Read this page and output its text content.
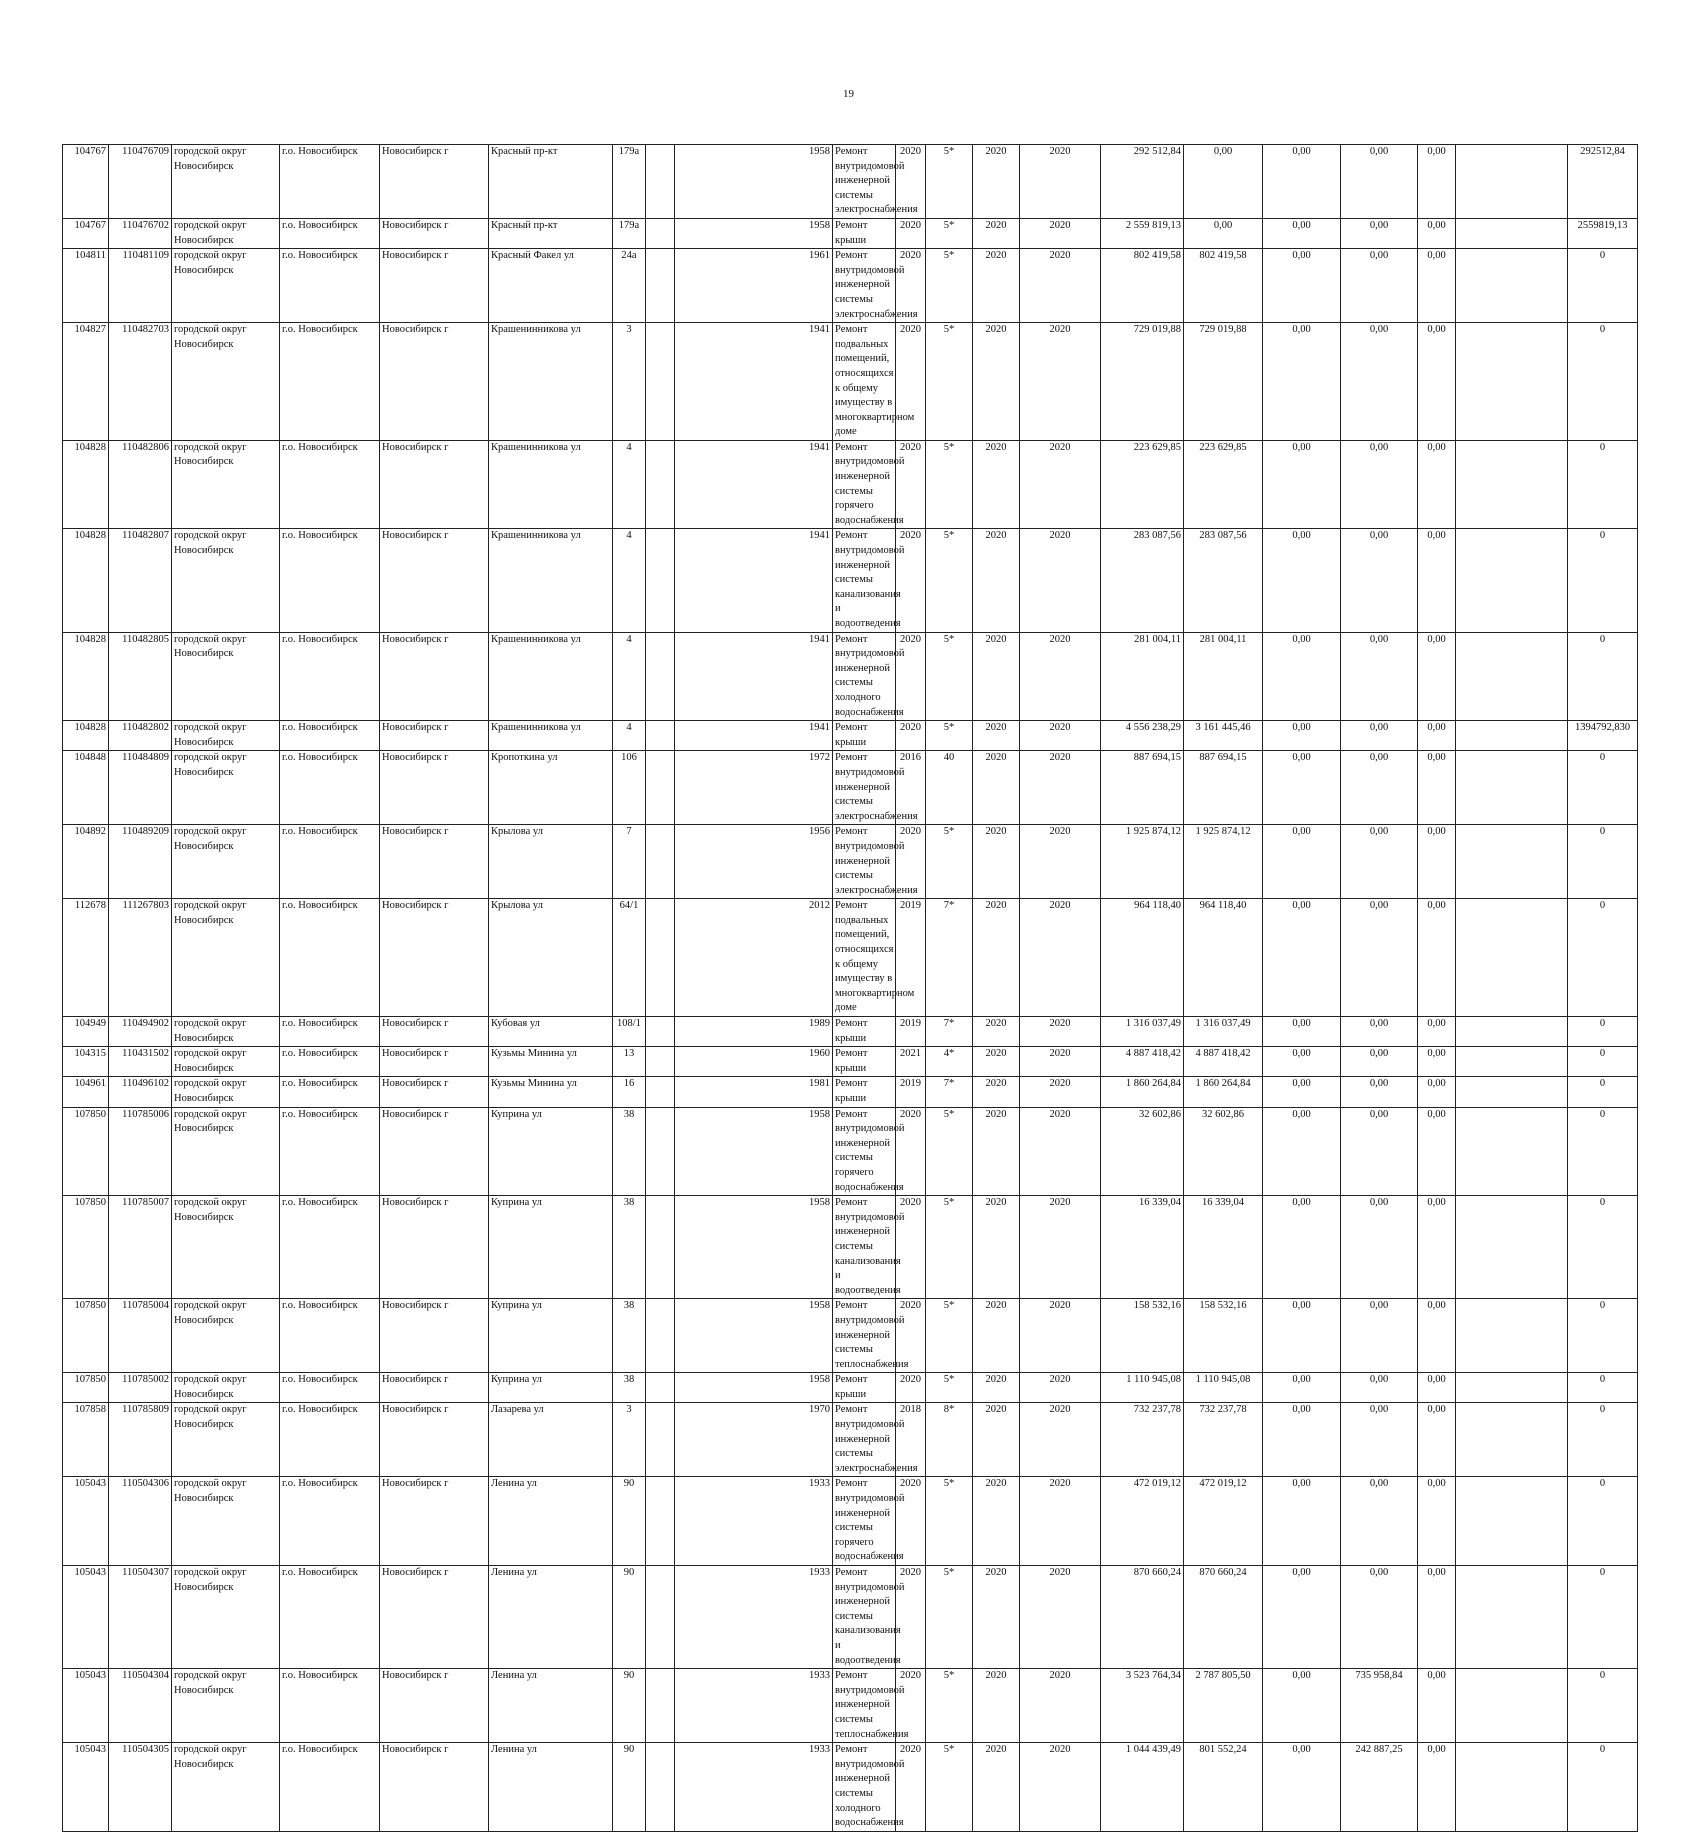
19
104767	110476709	городской округ Новосибирск	г.о. Новосибирск	Новосибирск г	Красный пр-кт	179а		1958	Ремонт внутридомовой инженерной системы электроснабжения	2020	5*	2020	2020	292 512,84	0,00	0,00	0,00	0,00		292512,84
104767	110476702	городской округ Новосибирск	г.о. Новосибирск	Новосибирск г	Красный пр-кт	179а		1958	Ремонт крыши	2020	5*	2020	2020	2 559 819,13	0,00	0,00	0,00	0,00		2559819,13
104811	110481109	городской округ Новосибирск	г.о. Новосибирск	Новосибирск г	Красный Факел ул	24а		1961	Ремонт внутридомовой инженерной системы электроснабжения	2020	5*	2020	2020	802 419,58	802 419,58	0,00	0,00	0,00		0
104827	110482703	городской округ Новосибирск	г.о. Новосибирск	Новосибирск г	Крашенинникова ул	3		1941	Ремонт подвальных помещений, относящихся к общему имуществу в многоквартирном доме	2020	5*	2020	2020	729 019,88	729 019,88	0,00	0,00	0,00		0
104828	110482806	городской округ Новосибирск	г.о. Новосибирск	Новосибирск г	Крашенинникова ул	4		1941	Ремонт внутридомовой инженерной системы горячего водоснабжения	2020	5*	2020	2020	223 629,85	223 629,85	0,00	0,00	0,00		0
104828	110482807	городской округ Новосибирск	г.о. Новосибирск	Новосибирск г	Крашенинникова ул	4		1941	Ремонт внутридомовой инженерной системы канализования и водоотведения	2020	5*	2020	2020	283 087,56	283 087,56	0,00	0,00	0,00		0
104828	110482805	городской округ Новосибирск	г.о. Новосибирск	Новосибирск г	Крашенинникова ул	4		1941	Ремонт внутридомовой инженерной системы холодного водоснабжения	2020	5*	2020	2020	281 004,11	281 004,11	0,00	0,00	0,00		0
104828	110482802	городской округ Новосибирск	г.о. Новосибирск	Новосибирск г	Крашенинникова ул	4		1941	Ремонт крыши	2020	5*	2020	2020	4 556 238,29	3 161 445,46	0,00	0,00	0,00		1394792,830
104848	110484809	городской округ Новосибирск	г.о. Новосибирск	Новосибирск г	Кропоткина ул	106		1972	Ремонт внутридомовой инженерной системы электроснабжения	2016	40	2020	2020	887 694,15	887 694,15	0,00	0,00	0,00		0
104892	110489209	городской округ Новосибирск	г.о. Новосибирск	Новосибирск г	Крылова ул	7		1956	Ремонт внутридомовой инженерной системы электроснабжения	2020	5*	2020	2020	1 925 874,12	1 925 874,12	0,00	0,00	0,00		0
112678	111267803	городской округ Новосибирск	г.о. Новосибирск	Новосибирск г	Крылова ул	64/1		2012	Ремонт подвальных помещений, относящихся к общему имуществу в многоквартирном доме	2019	7*	2020	2020	964 118,40	964 118,40	0,00	0,00	0,00		0
104949	110494902	городской округ Новосибирск	г.о. Новосибирск	Новосибирск г	Кубовая ул	108/1		1989	Ремонт крыши	2019	7*	2020	2020	1 316 037,49	1 316 037,49	0,00	0,00	0,00		0
104315	110431502	городской округ Новосибирск	г.о. Новосибирск	Новосибирск г	Кузьмы Минина ул	13		1960	Ремонт крыши	2021	4*	2020	2020	4 887 418,42	4 887 418,42	0,00	0,00	0,00		0
104961	110496102	городской округ Новосибирск	г.о. Новосибирск	Новосибирск г	Кузьмы Минина ул	16		1981	Ремонт крыши	2019	7*	2020	2020	1 860 264,84	1 860 264,84	0,00	0,00	0,00		0
107850	110785006	городской округ Новосибирск	г.о. Новосибирск	Новосибирск г	Куприна ул	38		1958	Ремонт внутридомовой инженерной системы горячего водоснабжения	2020	5*	2020	2020	32 602,86	32 602,86	0,00	0,00	0,00		0
107850	110785007	городской округ Новосибирск	г.о. Новосибирск	Новосибирск г	Куприна ул	38		1958	Ремонт внутридомовой инженерной системы канализования и водоотведения	2020	5*	2020	2020	16 339,04	16 339,04	0,00	0,00	0,00		0
107850	110785004	городской округ Новосибирск	г.о. Новосибирск	Новосибирск г	Куприна ул	38		1958	Ремонт внутридомовой инженерной системы теплоснабжения	2020	5*	2020	2020	158 532,16	158 532,16	0,00	0,00	0,00		0
107850	110785002	городской округ Новосибирск	г.о. Новосибирск	Новосибирск г	Куприна ул	38		1958	Ремонт крыши	2020	5*	2020	2020	1 110 945,08	1 110 945,08	0,00	0,00	0,00		0
107858	110785809	городской округ Новосибирск	г.о. Новосибирск	Новосибирск г	Лазарева ул	3		1970	Ремонт внутридомовой инженерной системы электроснабжения	2018	8*	2020	2020	732 237,78	732 237,78	0,00	0,00	0,00		0
105043	110504306	городской округ Новосибирск	г.о. Новосибирск	Новосибирск г	Ленина ул	90		1933	Ремонт внутридомовой инженерной системы горячего водоснабжения	2020	5*	2020	2020	472 019,12	472 019,12	0,00	0,00	0,00		0
105043	110504307	городской округ Новосибирск	г.о. Новосибирск	Новосибирск г	Ленина ул	90		1933	Ремонт внутридомовой инженерной системы канализования и водоотведения	2020	5*	2020	2020	870 660,24	870 660,24	0,00	0,00	0,00		0
105043	110504304	городской округ Новосибирск	г.о. Новосибирск	Новосибирск г	Ленина ул	90		1933	Ремонт внутридомовой инженерной системы теплоснабжения	2020	5*	2020	2020	3 523 764,34	2 787 805,50	0,00	735 958,84	0,00		0
105043	110504305	городской округ Новосибирск	г.о. Новосибирск	Новосибирск г	Ленина ул	90		1933	Ремонт внутридомовой инженерной системы холодного водоснабжения	2020	5*	2020	2020	1 044 439,49	801 552,24	0,00	242 887,25	0,00		0
